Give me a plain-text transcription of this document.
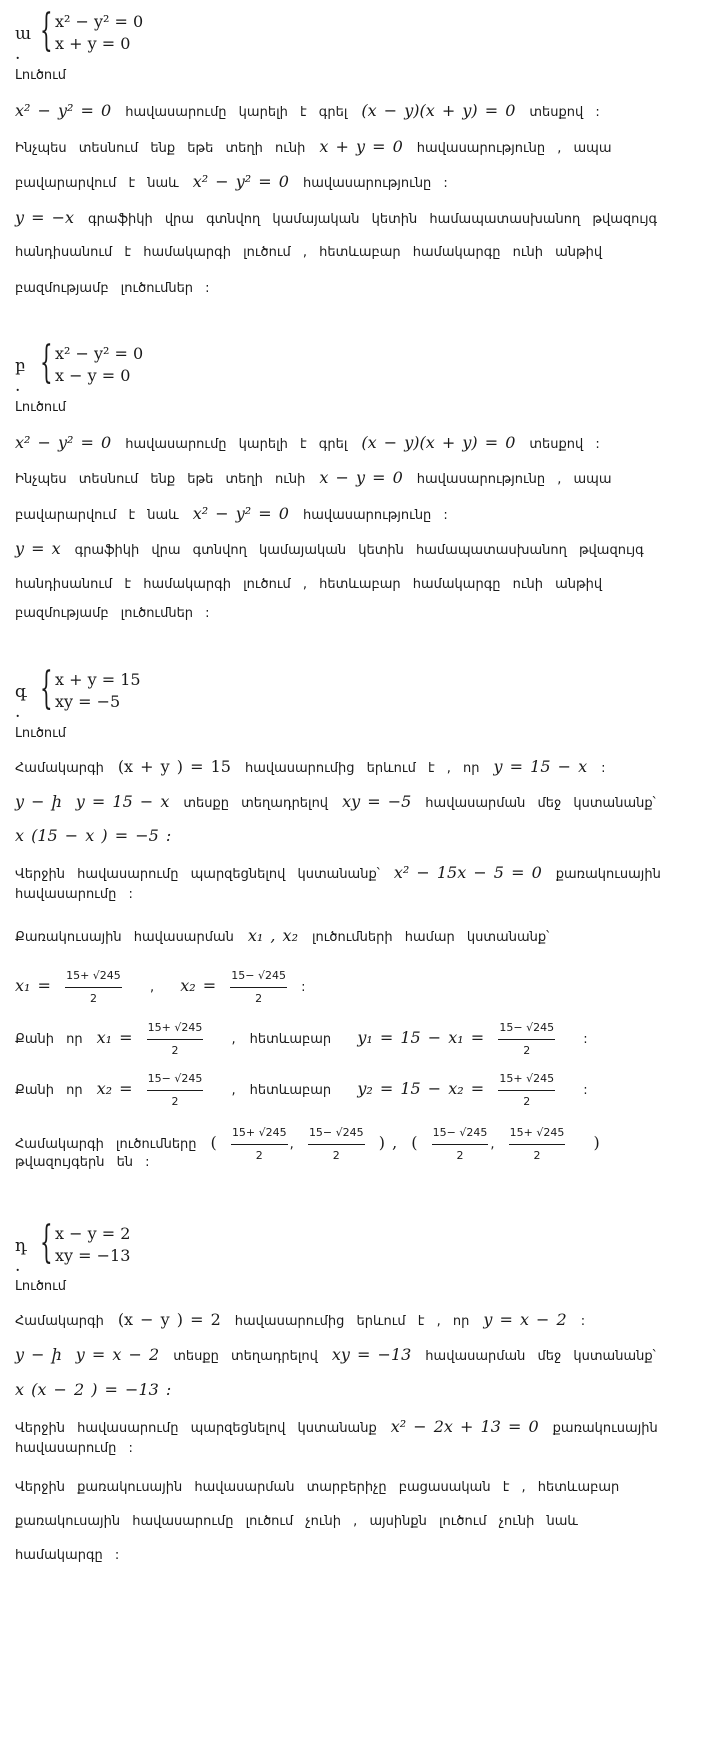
ա . { x² − y² = 0
x + y = 0
Լուծում
x² − y² = 0 հավասարումը կարելի է գրել (x − y)(x + y) = 0 տեսքով :
Ինչպես տեսնում ենք եթե տեղի ունի x + y = 0 հավասարությունը , ապա
բավարարվում է նաև x² − y² = 0 հավասարությունը :
y = −x գրաֆիկի վրա գտնվող կամայական կետին համապատասխանող թվազույգ
հանդիսանում է համակարգի լուծում , հետևաբար համակարգը ունի անթիվ
բազմությամբ լուծումներ :
բ . { x² − y² = 0
x − y = 0
Լուծում
x² − y² = 0 հավասարումը կարելի է գրել (x − y)(x + y) = 0 տեսքով :
Ինչպես տեսնում ենք եթե տեղի ունի x − y = 0 հավասարությունը , ապա
բավարարվում է նաև x² − y² = 0 հավասարությունը :
y = x գրաֆիկի վրա գտնվող կամայական կետին համապատասխանող թվազույգ
հանդիսանում է համակարգի լուծում , հետևաբար համակարգը ունի անթիվ
բազմությամբ լուծումներ :
գ . { x + y = 15
xy = −5
Լուծում
Համակարգի (x + y ) = 15 հավասարումից երևում է , որ y = 15 − x :
y − ի y = 15 − x տեսքը տեղադրելով xy = −5 հավասարման մեջ կստանանք՝
x (15 − x ) = −5 :
Վերջին հավասարումը պարզեցնելով կստանանք՝ x² − 15x − 5 = 0 քառակուսային
հավասարումը :
Քառակուսային հավասարման x₁ , x₂ լուծումների համար կստանանք՝
$x_1 = \frac{15+ √245}{2}$ , $x_2 = \frac{15- √245}{2}$ :
Քանի որ $x_1 = \frac{15+ √245}{2}$ , հետևաբար $y_1 = 15 - x_1 = \frac{15- √245}{2}$ :
Քանի որ $x_2 = \frac{15- √245}{2}$ , հետևաբար $y_2 = 15 - x_2 = \frac{15+ √245}{2}$ :
Համակարգի լուծումները ( $\frac{15+ √245}{2}$ , $\frac{15- √245}{2}$ ) , ( $\frac{15- √245}{2}$ , $\frac{15+ √245}{2}$ )
թվազույգերն են :
դ . { x − y = 2
xy = −13
Լուծում
Համակարգի (x − y ) = 2 հավասարումից երևում է , որ y = x − 2 :
y − ի y = x − 2 տեսքը տեղադրելով xy = −13 հավասարման մեջ կստանանք՝
x (x − 2 ) = −13 :
Վերջին հավասարումը պարզեցնելով կստանանք x² − 2x + 13 = 0 քառակուսային
հավասարումը :
Վերջին քառակուսային հավասարման տարբերիչը բացասական է , հետևաբար
քառակուսային հավասարումը լուծում չունի , այսինքն լուծում չունի նաև
համակարգը :
